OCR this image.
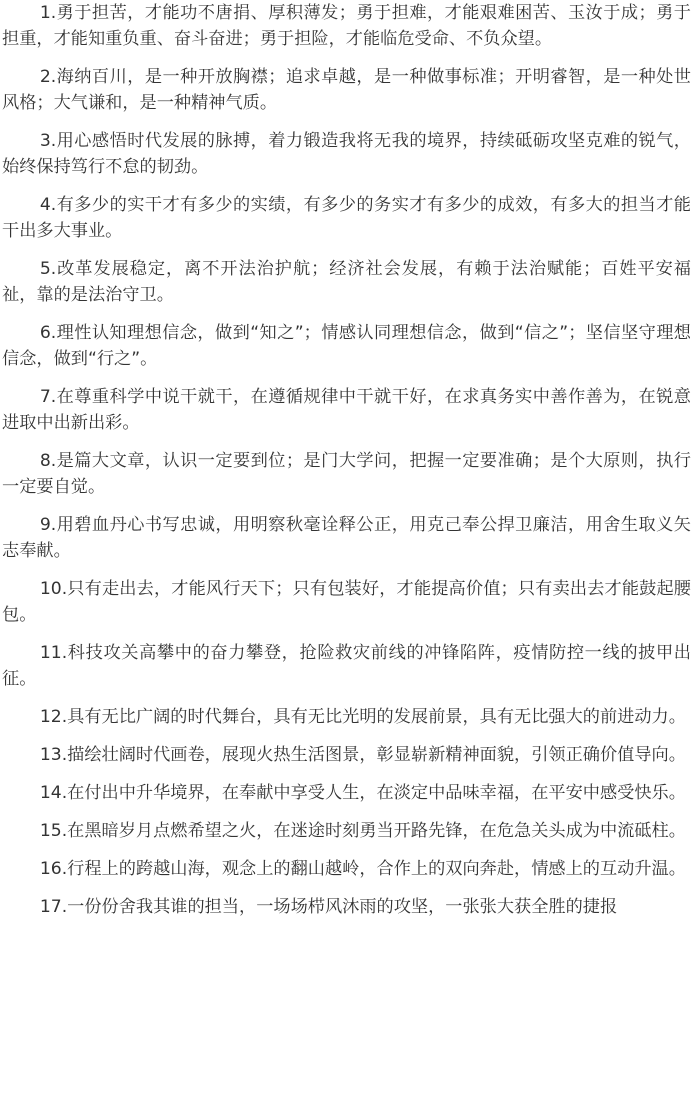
1.勇于担苦，才能功不唐捐、厚积薄发；勇于担难，才能艰难困苦、玉汝于成；勇于担重，才能知重负重、奋斗奋进；勇于担险，才能临危受命、不负众望。

2.海纳百川，是一种开放胸襟；追求卓越，是一种做事标准；开明睿智，是一种处世风格；大气谦和，是一种精神气质。

3.用心感悟时代发展的脉搏，着力锻造我将无我的境界，持续砥砺攻坚克难的锐气，始终保持笃行不怠的韧劲。

4.有多少的实干才有多少的实绩，有多少的务实才有多少的成效，有多大的担当才能干出多大事业。

5.改革发展稳定，离不开法治护航；经济社会发展，有赖于法治赋能；百姓平安福祉，靠的是法治守卫。

6.理性认知理想信念，做到“知之”；情感认同理想信念，做到“信之”；坚信坚守理想信念，做到“行之”。

7.在尊重科学中说干就干，在遵循规律中干就干好，在求真务实中善作善为，在锐意进取中出新出彩。

8.是篇大文章，认识一定要到位；是门大学问，把握一定要准确；是个大原则，执行一定要自觉。

9.用碧血丹心书写忠诚，用明察秋毫诠释公正，用克己奉公捍卫廉洁，用舍生取义矢志奉献。

10.只有走出去，才能风行天下；只有包装好，才能提高价值；只有卖出去才能鼓起腰包。

11.科技攻关高攀中的奋力攀登，抢险救灾前线的冲锋陷阵，疫情防控一线的披甲出征。

12.具有无比广阔的时代舞台，具有无比光明的发展前景，具有无比强大的前进动力。

13.描绘壮阔时代画卷，展现火热生活图景，彰显崭新精神面貌，引领正确价值导向。

14.在付出中升华境界，在奉献中享受人生，在淡定中品味幸福，在平安中感受快乐。

15.在黑暗岁月点燃希望之火，在迷途时刻勇当开路先锋，在危急关头成为中流砥柱。

16.行程上的跨越山海，观念上的翻山越岭，合作上的双向奔赴，情感上的互动升温。

17.一份份舍我其谁的担当，一场场栉风沐雨的攻坚，一张张大获全胜的捷报
